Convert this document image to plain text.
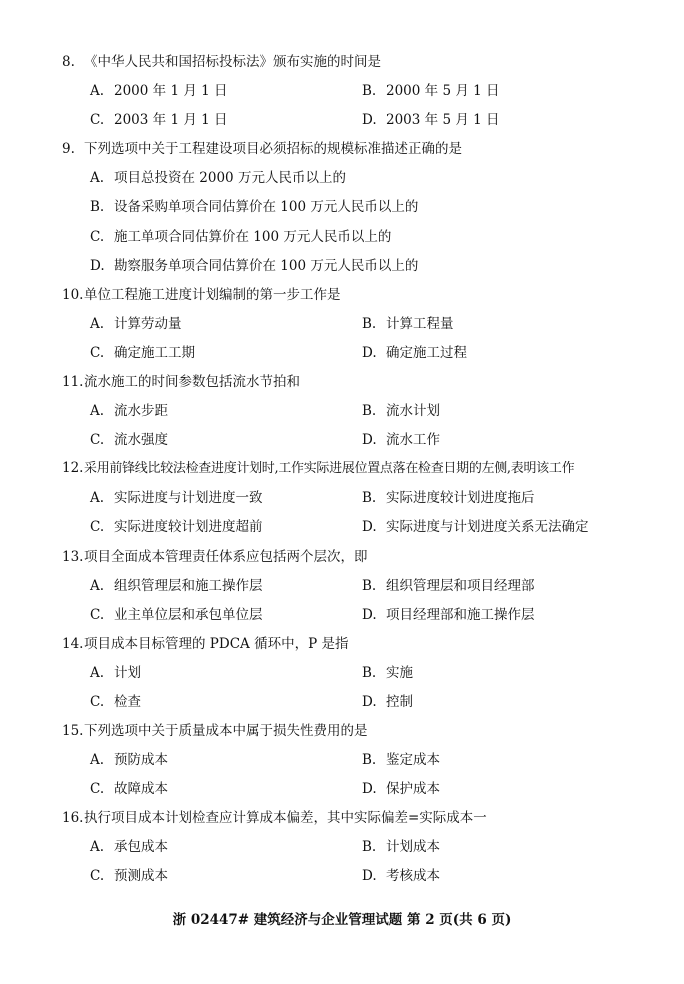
8. 《中华人民共和国招标投标法》颁布实施的时间是
A. 2000 年 1 月 1 日	B. 2000 年 5 月 1 日
C. 2003 年 1 月 1 日	D. 2003 年 5 月 1 日
9. 下列选项中关于工程建设项目必须招标的规模标准描述正确的是
A. 项目总投资在 2000 万元人民币以上的
B. 设备采购单项合同估算价在 100 万元人民币以上的
C. 施工单项合同估算价在 100 万元人民币以上的
D. 勘察服务单项合同估算价在 100 万元人民币以上的
10.单位工程施工进度计划编制的第一步工作是
A. 计算劳动量	B. 计算工程量
C. 确定施工工期	D. 确定施工过程
11.流水施工的时间参数包括流水节拍和
A. 流水步距	B. 流水计划
C. 流水强度	D. 流水工作
12.采用前锋线比较法检查进度计划时,工作实际进展位置点落在检查日期的左侧,表明该工作
A. 实际进度与计划进度一致	B. 实际进度较计划进度拖后
C. 实际进度较计划进度超前	D. 实际进度与计划进度关系无法确定
13.项目全面成本管理责任体系应包括两个层次，即
A. 组织管理层和施工操作层	B. 组织管理层和项目经理部
C. 业主单位层和承包单位层	D. 项目经理部和施工操作层
14.项目成本目标管理的 PDCA 循环中，P 是指
A. 计划	B. 实施
C. 检查	D. 控制
15.下列选项中关于质量成本中属于损失性费用的是
A. 预防成本	B. 鉴定成本
C. 故障成本	D. 保护成本
16.执行项目成本计划检查应计算成本偏差，其中实际偏差=实际成本一
A. 承包成本	B. 计划成本
C. 预测成本	D. 考核成本
浙 02447# 建筑经济与企业管理试题 第 2 页(共 6 页)
